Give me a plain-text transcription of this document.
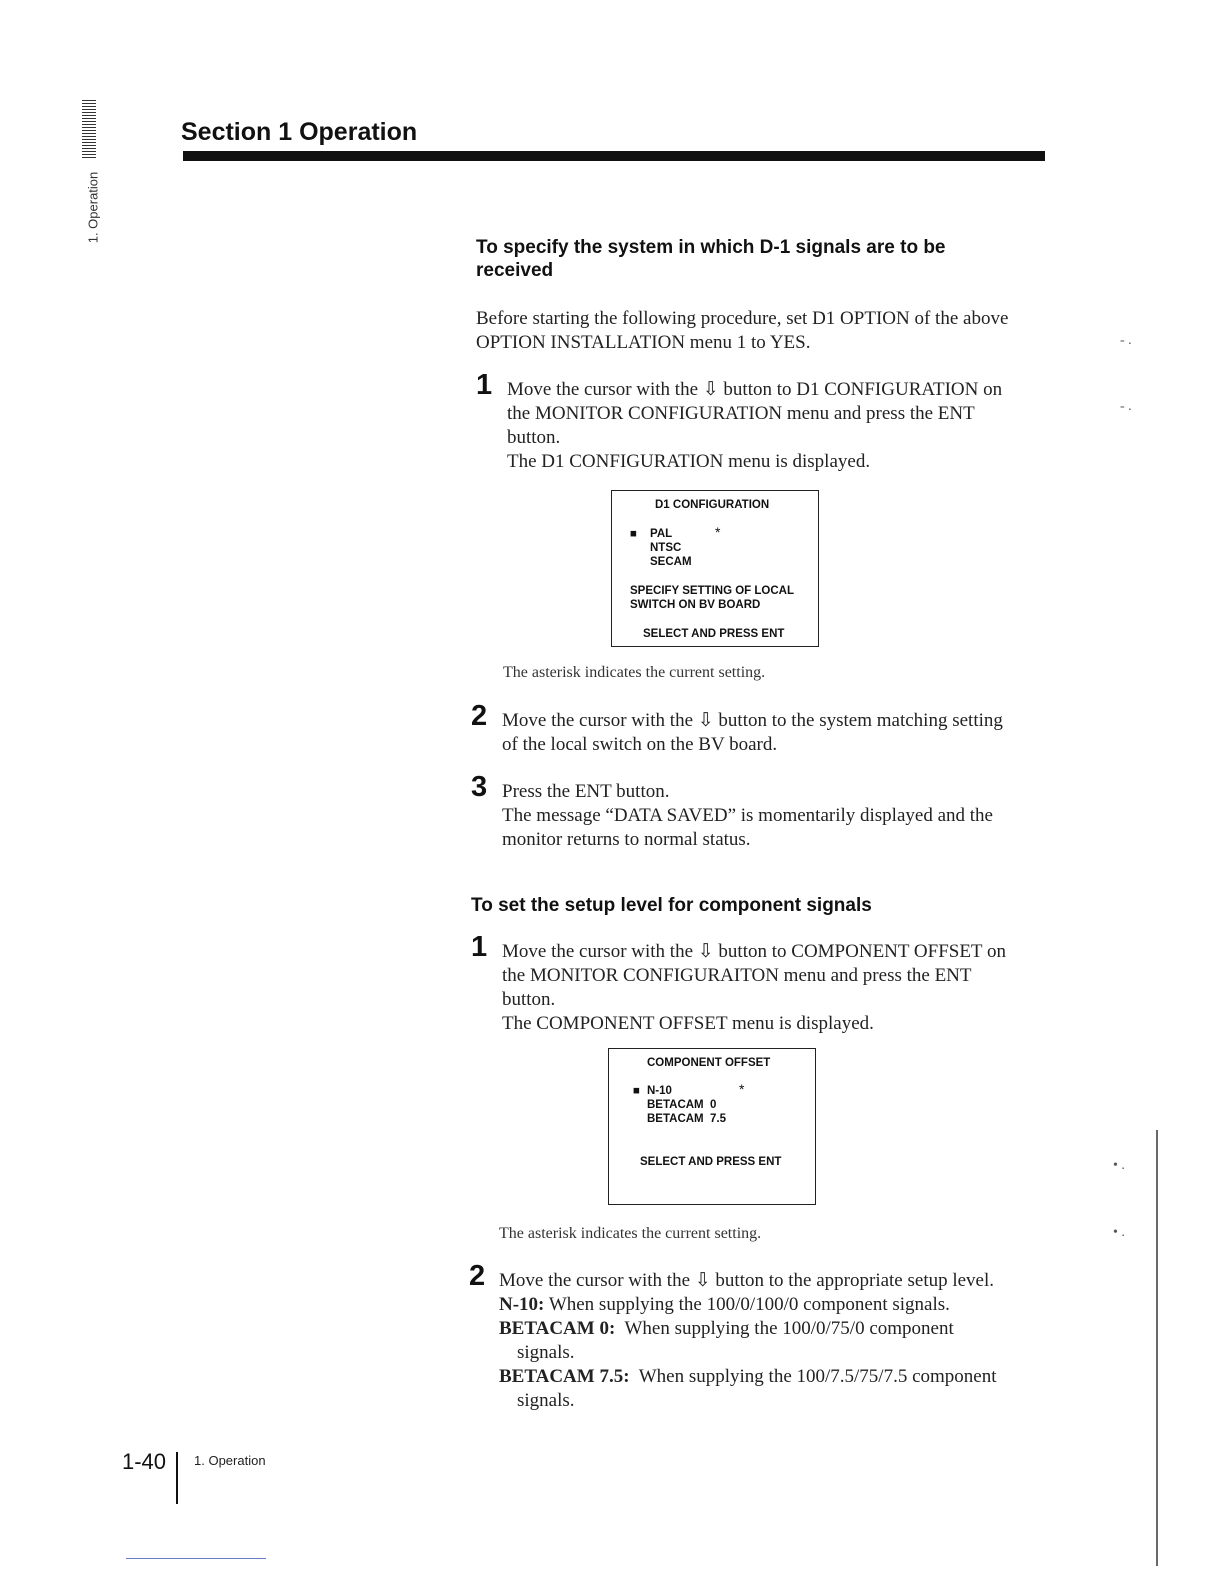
1. Operation
Section 1 Operation
To specify the system in which D-1 signals are to be
received
Before starting the following procedure, set D1 OPTION of the above
OPTION INSTALLATION menu 1 to YES.
1 Move the cursor with the ⇩ button to D1 CONFIGURATION on
the MONITOR CONFIGURATION menu and press the ENT
button.
The D1 CONFIGURATION menu is displayed.
D1 CONFIGURATION
■ PAL	*
NTSC
SECAM
SPECIFY SETTING OF LOCAL
SWITCH ON BV BOARD
SELECT AND PRESS ENT
The asterisk indicates the current setting.
2 Move the cursor with the ⇩ button to the system matching setting
of the local switch on the BV board.
3 Press the ENT button.
The message “DATA SAVED” is momentarily displayed and the
monitor returns to normal status.
To set the setup level for component signals
1 Move the cursor with the ⇩ button to COMPONENT OFFSET on
the MONITOR CONFIGURAITON menu and press the ENT
button.
The COMPONENT OFFSET menu is displayed.
COMPONENT OFFSET
■ N-10	*
BETACAM  0
BETACAM  7.5
SELECT AND PRESS ENT
The asterisk indicates the current setting.
2 Move the cursor with the ⇩ button to the appropriate setup level.
N-10: When supplying the 100/0/100/0 component signals.
BETACAM 0: When supplying the 100/0/75/0 component
signals.
BETACAM 7.5: When supplying the 100/7.5/75/7.5 component
signals.
- .
- .
• .
• .
1-40 1. Operation
